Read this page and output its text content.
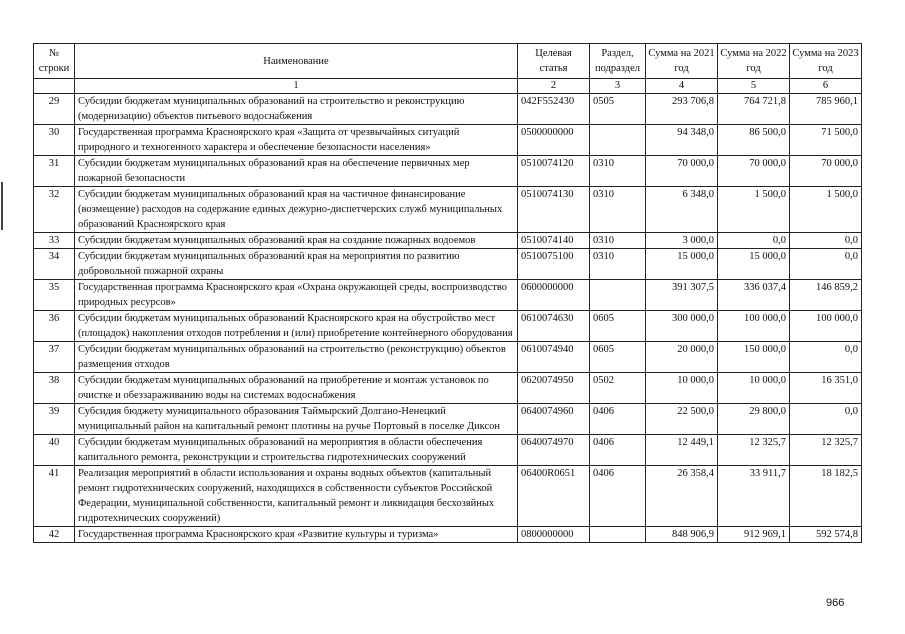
№ строки	Наименование	Целевая статья	Раздел, подраздел	Сумма на 2021 год	Сумма на 2022 год	Сумма на 2023 год
	1	2	3	4	5	6
29	Субсидии бюджетам муниципальных образований на строительство и реконструкцию (модернизацию) объектов питьевого водоснабжения	042F552430	0505	293 706,8	764 721,8	785 960,1
30	Государственная программа Красноярского края «Защита от чрезвычайных ситуаций природного и техногенного характера и обеспечение безопасности населения»	0500000000		94 348,0	86 500,0	71 500,0
31	Субсидии бюджетам муниципальных образований края на обеспечение первичных мер пожарной безопасности	0510074120	0310	70 000,0	70 000,0	70 000,0
32	Субсидии бюджетам муниципальных образований края на частичное финансирование (возмещение) расходов на содержание единых дежурно-диспетчерских служб муниципальных образований Красноярского края	0510074130	0310	6 348,0	1 500,0	1 500,0
33	Субсидии бюджетам муниципальных образований края на создание пожарных водоемов	0510074140	0310	3 000,0	0,0	0,0
34	Субсидии бюджетам муниципальных образований края на мероприятия по развитию добровольной пожарной охраны	0510075100	0310	15 000,0	15 000,0	0,0
35	Государственная программа Красноярского края «Охрана окружающей среды, воспроизводство природных ресурсов»	0600000000		391 307,5	336 037,4	146 859,2
36	Субсидии бюджетам муниципальных образований Красноярского края на обустройство мест (площадок) накопления отходов потребления и (или) приобретение контейнерного оборудования	0610074630	0605	300 000,0	100 000,0	100 000,0
37	Субсидии бюджетам муниципальных образований на строительство (реконструкцию) объектов размещения отходов	0610074940	0605	20 000,0	150 000,0	0,0
38	Субсидии бюджетам муниципальных образований на приобретение и монтаж установок по очистке и обеззараживанию воды на системах водоснабжения	0620074950	0502	10 000,0	10 000,0	16 351,0
39	Субсидия бюджету муниципального образования Таймырский Долгано-Ненецкий муниципальный район на капитальный ремонт плотины на ручье Портовый в поселке Диксон	0640074960	0406	22 500,0	29 800,0	0,0
40	Субсидии бюджетам муниципальных образований на мероприятия в области обеспечения капитального ремонта, реконструкции и строительства гидротехнических сооружений	0640074970	0406	12 449,1	12 325,7	12 325,7
41	Реализация мероприятий в области использования и охраны водных объектов (капитальный ремонт гидротехнических сооружений, находящихся в собственности субъектов Российской Федерации, муниципальной собственности, капитальный ремонт и ликвидация бесхозяйных гидротехнических сооружений)	06400R0651	0406	26 358,4	33 911,7	18 182,5
42	Государственная программа Красноярского края «Развитие культуры и туризма»	0800000000		848 906,9	912 969,1	592 574,8
966
